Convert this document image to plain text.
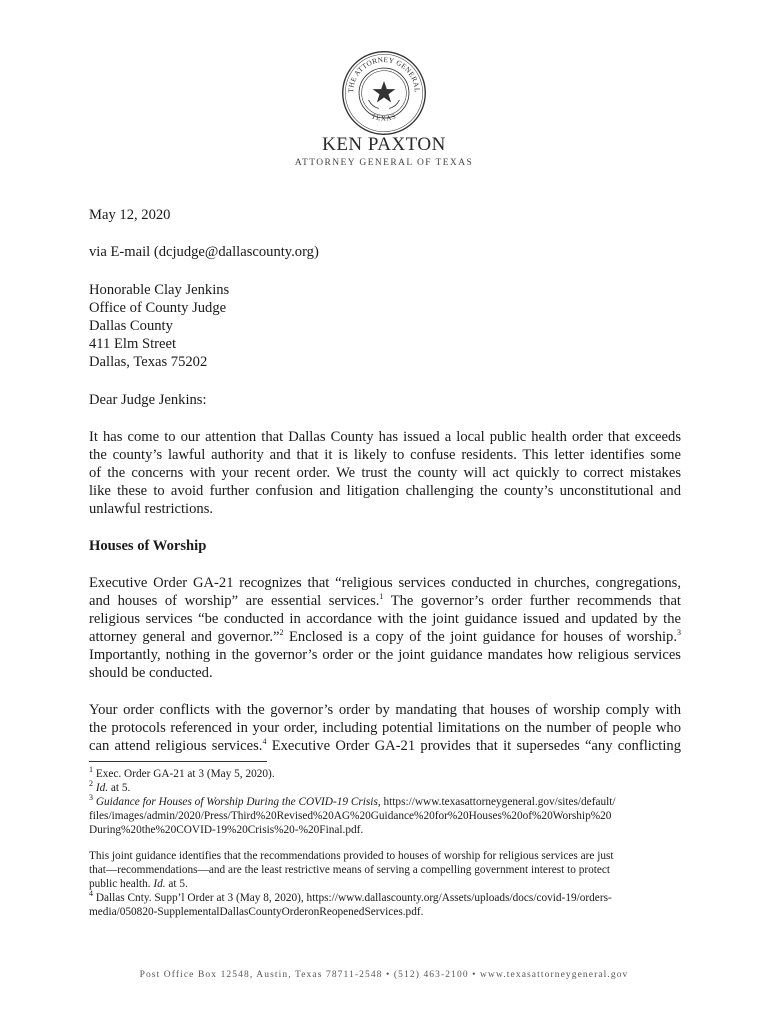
THE ATTORNEY GENERAL
TEXAS
KEN PAXTON
ATTORNEY GENERAL OF TEXAS
May 12, 2020
via E-mail (dcjudge@dallascounty.org)
Honorable Clay Jenkins
Office of County Judge
Dallas County
411 Elm Street
Dallas, Texas 75202
Dear Judge Jenkins:
It has come to our attention that Dallas County has issued a local public health order that exceeds
the county’s lawful authority and that it is likely to confuse residents. This letter identifies some
of the concerns with your recent order. We trust the county will act quickly to correct mistakes
like these to avoid further confusion and litigation challenging the county’s unconstitutional and
unlawful restrictions.
Houses of Worship
Executive Order GA-21 recognizes that “religious services conducted in churches, congregations,
and houses of worship” are essential services.$^1$ The governor’s order further recommends that
religious services “be conducted in accordance with the joint guidance issued and updated by the
attorney general and governor.”$^2$ Enclosed is a copy of the joint guidance for houses of worship.$^3$
Importantly, nothing in the governor’s order or the joint guidance mandates how religious services
should be conducted.
Your order conflicts with the governor’s order by mandating that houses of worship comply with
the protocols referenced in your order, including potential limitations on the number of people who
can attend religious services.$^4$ Executive Order GA-21 provides that it supersedes “any conflicting
$^1$ Exec. Order GA-21 at 3 (May 5, 2020).
$^2$ Id. at 5.
$^3$ Guidance for Houses of Worship During the COVID-19 Crisis, https://www.texasattorneygeneral.gov/sites/default/
files/images/admin/2020/Press/Third%20Revised%20AG%20Guidance%20for%20Houses%20of%20Worship%20
During%20the%20COVID-19%20Crisis%20-%20Final.pdf.
This joint guidance identifies that the recommendations provided to houses of worship for religious services are just
that—recommendations—and are the least restrictive means of serving a compelling government interest to protect
public health. Id. at 5.
$^4$ Dallas Cnty. Supp’l Order at 3 (May 8, 2020), https://www.dallascounty.org/Assets/uploads/docs/covid-19/orders-
media/050820-SupplementalDallasCountyOrderonReopenedServices.pdf.
Post Office Box 12548, Austin, Texas 78711-2548 • (512) 463-2100 • www.texasattorneygeneral.gov
